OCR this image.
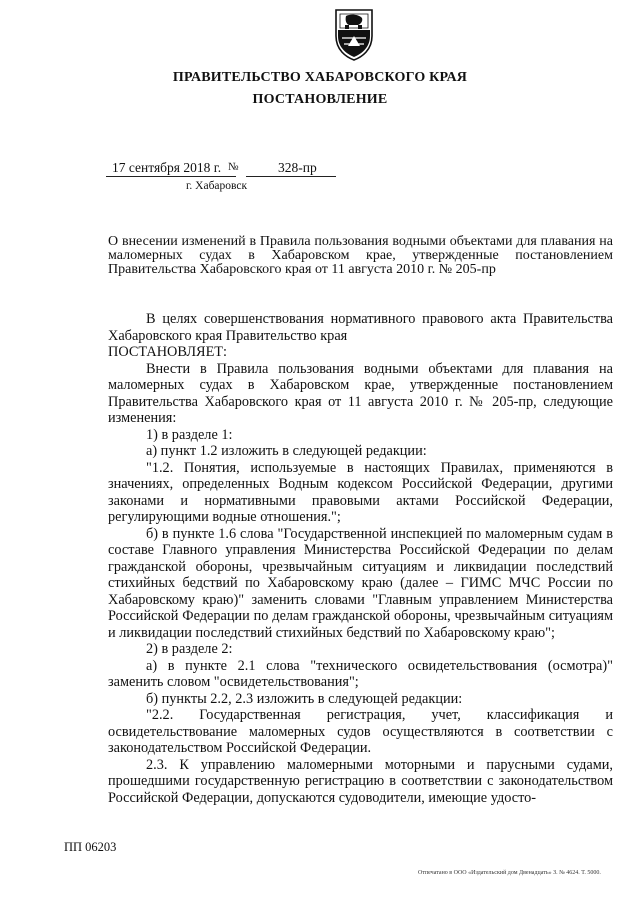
ПРАВИТЕЛЬСТВО ХАБАРОВСКОГО КРАЯ
ПОСТАНОВЛЕНИЕ
17 сентября 2018 г. №	328-пр
г. Хабаровск
О внесении изменений в Правила пользования водными объектами для плавания на маломерных судах в Хабаровском крае, утвержденные постановлением Правительства Хабаровского края от 11 августа 2010 г. № 205-пр

В целях совершенствования нормативного правового акта Правительства Хабаровского края Правительство края

ПОСТАНОВЛЯЕТ:

Внести в Правила пользования водными объектами для плавания на маломерных судах в Хабаровском крае, утвержденные постановлением Правительства Хабаровского края от 11 августа 2010 г. № 205-пр, следующие изменения:

1) в разделе 1:

а) пункт 1.2 изложить в следующей редакции:

"1.2. Понятия, используемые в настоящих Правилах, применяются в значениях, определенных Водным кодексом Российской Федерации, другими законами и нормативными правовыми актами Российской Федерации, регулирующими водные отношения.";

б) в пункте 1.6 слова "Государственной инспекцией по маломерным судам в составе Главного управления Министерства Российской Федерации по делам гражданской обороны, чрезвычайным ситуациям и ликвидации последствий стихийных бедствий по Хабаровскому краю (далее – ГИМС МЧС России по Хабаровскому краю)" заменить словами "Главным управлением Министерства Российской Федерации по делам гражданской обороны, чрезвычайным ситуациям и ликвидации последствий стихийных бедствий по Хабаровскому краю";

2) в разделе 2:

а) в пункте 2.1 слова "технического освидетельствования (осмотра)" заменить словом "освидетельствования";

б) пункты 2.2, 2.3 изложить в следующей редакции:

"2.2. Государственная регистрация, учет, классификация и освидетельствование маломерных судов осуществляются в соответствии с законодательством Российской Федерации.

2.3. К управлению маломерными моторными и парусными судами, прошедшими государственную регистрацию в соответствии с законодательством Российской Федерации, допускаются судоводители, имеющие удосто-

ПП 06203
Отпечатано в ООО «Издательский дом Двенадцать» З. № 4624. Т. 5000.
